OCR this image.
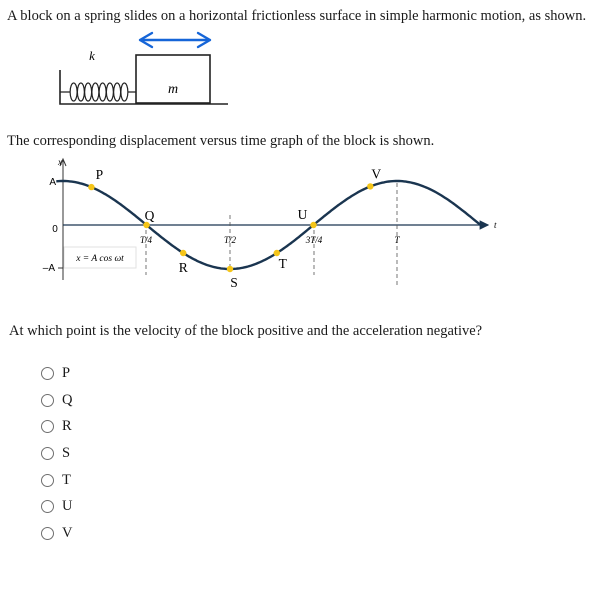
A block on a spring slides on a horizontal frictionless surface in simple harmonic motion, as shown.
m
k
x
t
A
0
–A
T/4	T/2	3T/4	T
x = A cos ωt
P
Q
R
S
T
U
V
The corresponding displacement versus time graph of the block is shown.
At which point is the velocity of the block positive and the acceleration negative?
P
Q
R
S
T
U
V
